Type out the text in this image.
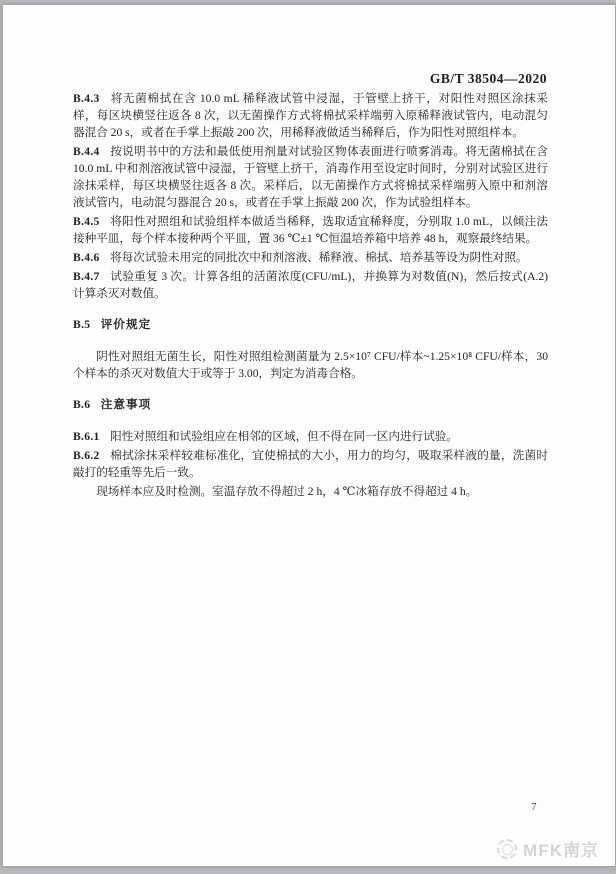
GB/T 38504—2020

B.4.3 将无菌棉拭在含 10.0 mL 稀释液试管中浸湿，于管壁上挤干，对阳性对照区涂抹采样，每区块横竖往返各 8 次，以无菌操作方式将棉拭采样端剪入原稀释液试管内，电动混匀器混合 20 s，或者在手掌上振敲 200 次，用稀释液做适当稀释后，作为阳性对照组样本。

B.4.4 按说明书中的方法和最低使用剂量对试验区物体表面进行喷雾消毒。将无菌棉拭在含 10.0 mL 中和剂溶液试管中浸湿，于管壁上挤干，消毒作用至设定时间时，分别对试验区进行涂抹采样，每区块横竖往返各 8 次。采样后，以无菌操作方式将棉拭采样端剪入原中和剂溶液试管内，电动混匀器混合 20 s，或者在手掌上振敲 200 次，作为试验组样本。

B.4.5 将阳性对照组和试验组样本做适当稀释，选取适宜稀释度，分别取 1.0 mL，以倾注法接种平皿，每个样本接种两个平皿，置 36 ℃±1 ℃恒温培养箱中培养 48 h，观察最终结果。

B.4.6 将每次试验未用完的同批次中和剂溶液、稀释液、棉拭、培养基等设为阴性对照。

B.4.7 试验重复 3 次。计算各组的活菌浓度(CFU/mL)，并换算为对数值(N)，然后按式(A.2)计算杀灭对数值。

B.5 评价规定

阴性对照组无菌生长，阳性对照组检测菌量为 2.5×10⁷ CFU/样本~1.25×10⁸ CFU/样本，30 个样本的杀灭对数值大于或等于 3.00，判定为消毒合格。

B.6 注意事项

B.6.1 阳性对照组和试验组应在相邻的区域，但不得在同一区内进行试验。

B.6.2 棉拭涂抹采样较难标准化，宜使棉拭的大小，用力的均匀，吸取采样液的量，洗菌时敲打的轻重等先后一致。

现场样本应及时检测。室温存放不得超过 2 h，4 ℃冰箱存放不得超过 4 h。

7
MFK南京
